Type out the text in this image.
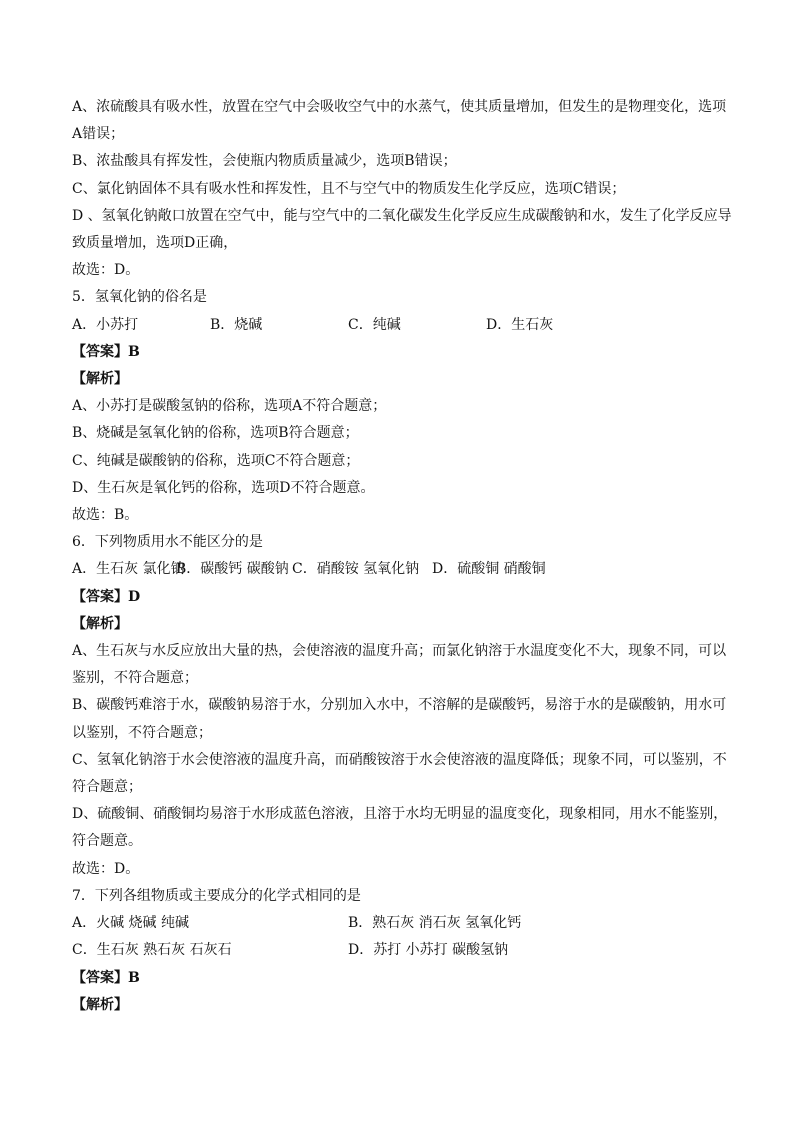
A、浓硫酸具有吸水性，放置在空气中会吸收空气中的水蒸气，使其质量增加，但发生的是物理变化，选项A错误；
B、浓盐酸具有挥发性，会使瓶内物质质量减少，选项B错误；
C、氯化钠固体不具有吸水性和挥发性，且不与空气中的物质发生化学反应，选项C错误；
D 、氢氧化钠敞口放置在空气中，能与空气中的二氧化碳发生化学反应生成碳酸钠和水，发生了化学反应导致质量增加，选项D正确，
故选：D。
5．氢氧化钠的俗名是
A．小苏打	B．烧碱	C．纯碱	D．生石灰
【答案】B
【解析】
A、小苏打是碳酸氢钠的俗称，选项A不符合题意；
B、烧碱是氢氧化钠的俗称，选项B符合题意；
C、纯碱是碳酸钠的俗称，选项C不符合题意；
D、生石灰是氧化钙的俗称，选项D不符合题意。
故选：B。
6．下列物质用水不能区分的是
A．生石灰 氯化钠
B．碳酸钙 碳酸钠 C．硝酸铵 氢氧化钠 D．硫酸铜 硝酸铜
【答案】D
【解析】
A、生石灰与水反应放出大量的热，会使溶液的温度升高；而氯化钠溶于水温度变化不大，现象不同，可以鉴别，不符合题意；
B、碳酸钙难溶于水，碳酸钠易溶于水，分别加入水中，不溶解的是碳酸钙，易溶于水的是碳酸钠，用水可以鉴别，不符合题意；
C、氢氧化钠溶于水会使溶液的温度升高，而硝酸铵溶于水会使溶液的温度降低；现象不同，可以鉴别，不符合题意；
D、硫酸铜、硝酸铜均易溶于水形成蓝色溶液，且溶于水均无明显的温度变化，现象相同，用水不能鉴别，符合题意。
故选：D。
7．下列各组物质或主要成分的化学式相同的是
A．火碱 烧碱 纯碱	B．熟石灰 消石灰 氢氧化钙
C．生石灰 熟石灰 石灰石	D．苏打 小苏打 碳酸氢钠
【答案】B
【解析】
